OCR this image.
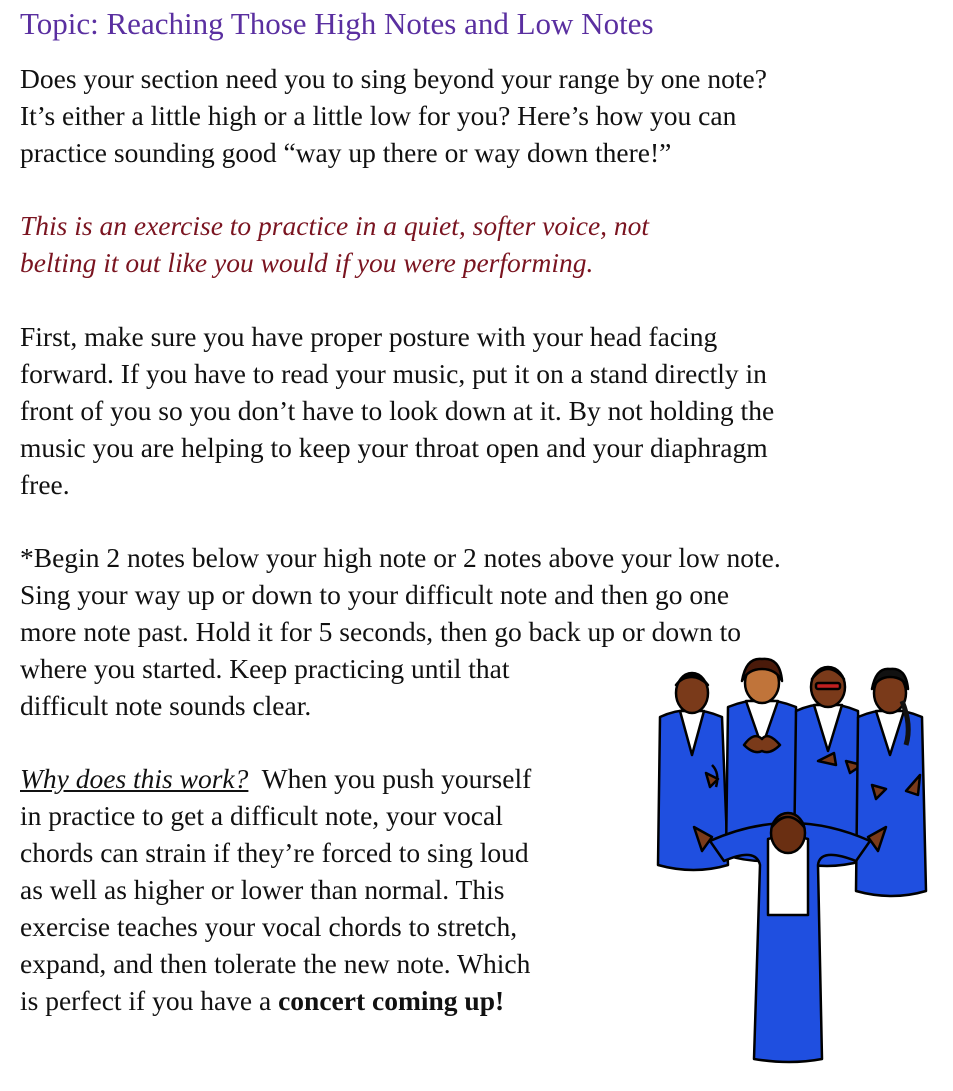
Topic: Reaching Those High Notes and Low Notes
Does your section need you to sing beyond your range by one note?
It’s either a little high or a little low for you? Here’s how you can
practice sounding good “way up there or way down there!”
This is an exercise to practice in a quiet, softer voice, not
belting it out like you would if you were performing.
First, make sure you have proper posture with your head facing
forward. If you have to read your music, put it on a stand directly in
front of you so you don’t have to look down at it. By not holding the
music you are helping to keep your throat open and your diaphragm
free.
*Begin 2 notes below your high note or 2 notes above your low note.
Sing your way up or down to your difficult note and then go one
more note past. Hold it for 5 seconds, then go back up or down to
where you started. Keep practicing until that
difficult note sounds clear.
Why does this work?  When you push yourself
in practice to get a difficult note, your vocal
chords can strain if they’re forced to sing loud
as well as higher or lower than normal. This
exercise teaches your vocal chords to stretch,
expand, and then tolerate the new note. Which
is perfect if you have a concert coming up!
